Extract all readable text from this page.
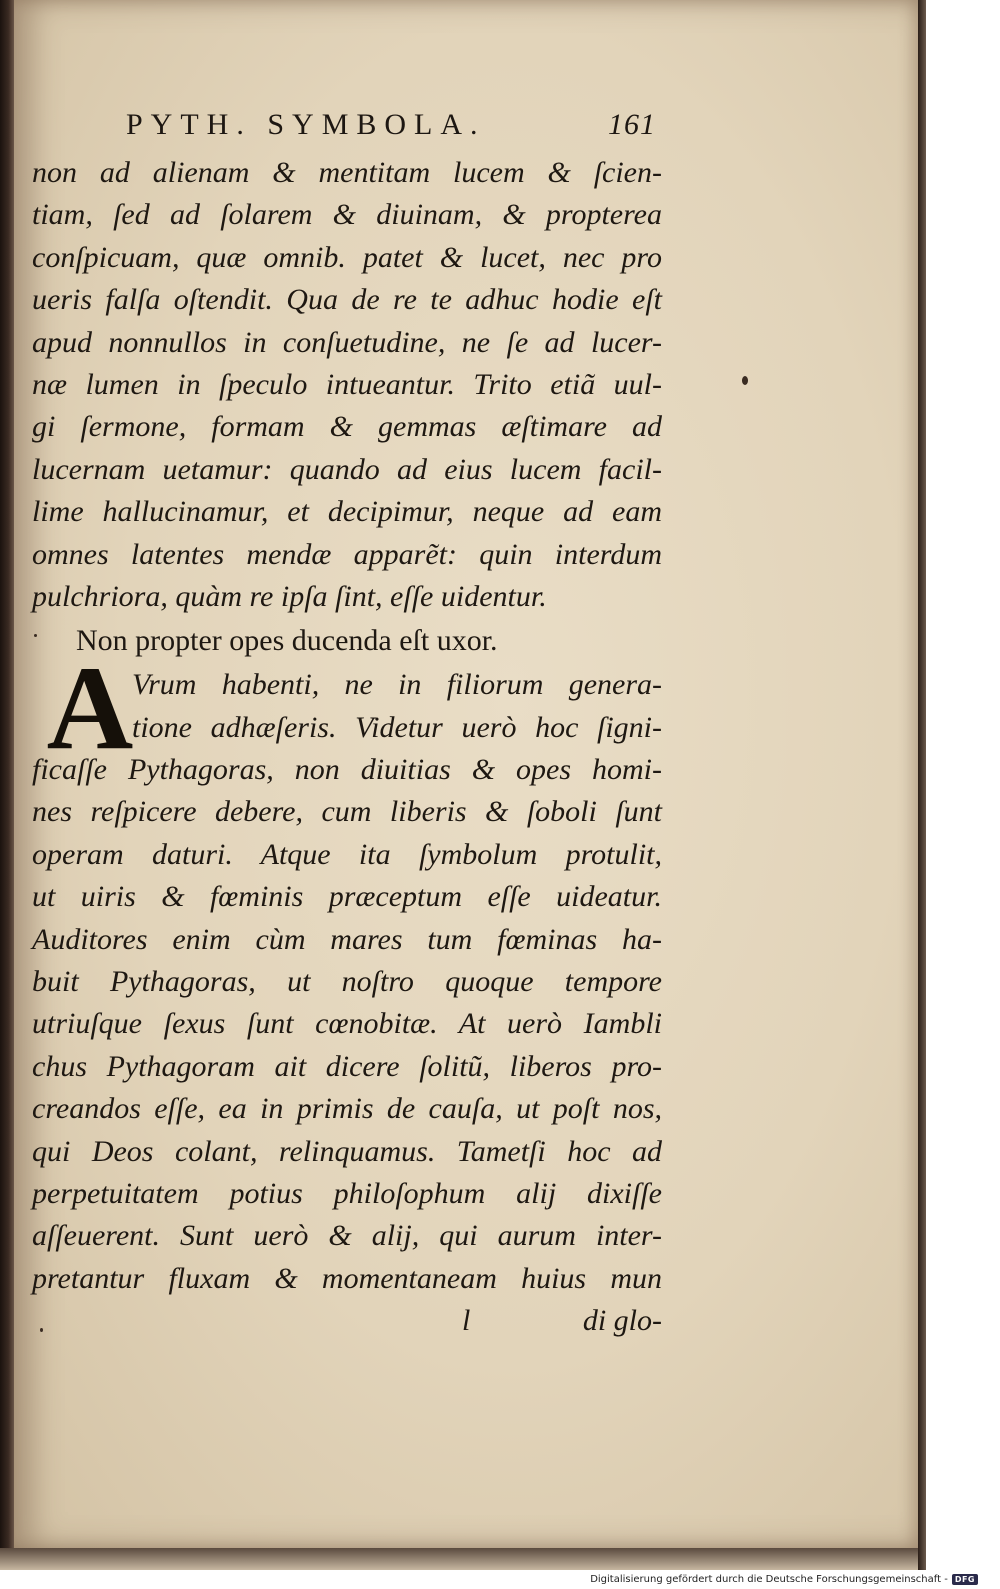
PYTH. SYMBOLA.	161
non ad alienam & mentitam lucem & ſcien-
tiam, ſed ad ſolarem & diuinam, & propterea
conſpicuam, quæ omnib. patet & lucet, nec pro
ueris falſa oſtendit. Qua de re te adhuc hodie eſt
apud nonnullos in conſuetudine, ne ſe ad lucer-
næ lumen in ſpeculo intueantur. Trito etiã uul-
gi ſermone, formam & gemmas æſtimare ad
lucernam uetamur: quando ad eius lucem facil-
lime hallucinamur, et decipimur, neque ad eam
omnes latentes mendæ apparẽt: quin interdum
pulchriora, quàm re ipſa ſint, eſſe uidentur.
Non propter opes ducenda eſt uxor.
A
Vrum habenti, ne in filiorum genera-
tione adhæſeris. Videtur uerò hoc ſigni-
ficaſſe Pythagoras, non diuitias & opes homi-
nes reſpicere debere, cum liberis & ſoboli ſunt
operam daturi. Atque ita ſymbolum protulit,
ut uiris & fœminis præceptum eſſe uideatur.
Auditores enim cùm mares tum fœminas ha-
buit Pythagoras, ut noſtro quoque tempore
utriuſque ſexus ſunt cœnobitæ. At uerò Iambli
chus Pythagoram ait dicere ſolitũ, liberos pro-
creandos eſſe, ea in primis de cauſa, ut poſt nos,
qui Deos colant, relinquamus. Tametſi hoc ad
perpetuitatem potius philoſophum alij dixiſſe
aſſeuerent. Sunt uerò & alij, qui aurum inter-
pretantur fluxam & momentaneam huius mun
l	di glo-
Digitalisierung gefördert durch die Deutsche Forschungsgemeinschaft - DFG
